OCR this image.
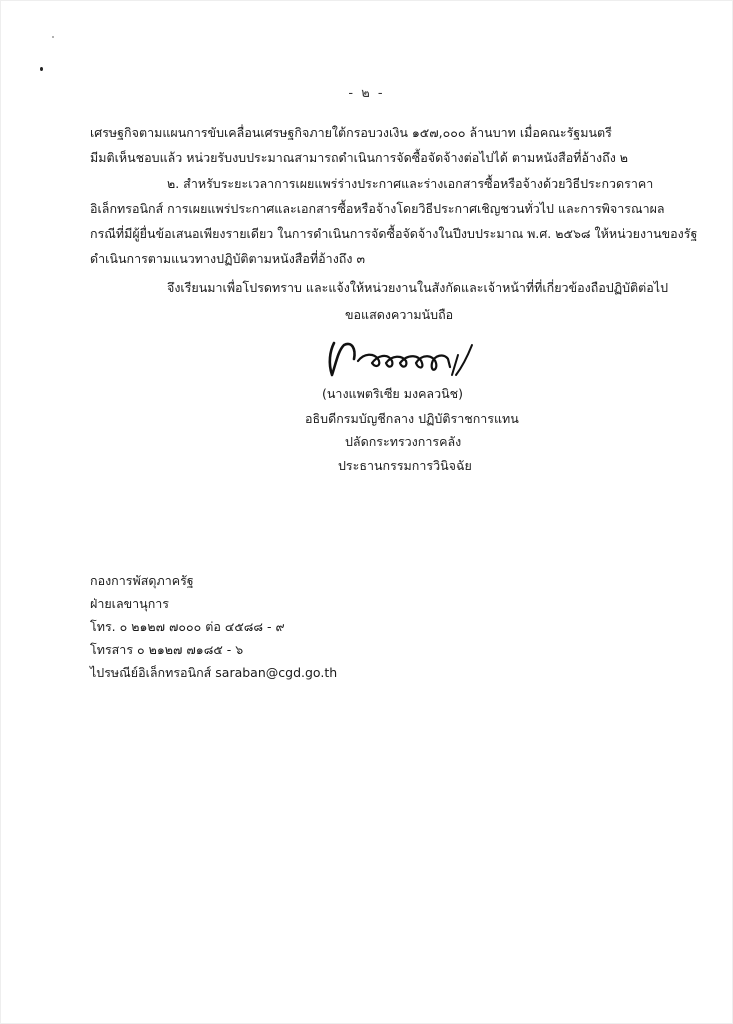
- ๒ -
เศรษฐกิจตามแผนการขับเคลื่อนเศรษฐกิจภายใต้กรอบวงเงิน ๑๕๗,๐๐๐ ล้านบาท เมื่อคณะรัฐมนตรี
มีมติเห็นชอบแล้ว หน่วยรับงบประมาณสามารถดำเนินการจัดซื้อจัดจ้างต่อไปได้ ตามหนังสือที่อ้างถึง ๒
๒. สำหรับระยะเวลาการเผยแพร่ร่างประกาศและร่างเอกสารซื้อหรือจ้างด้วยวิธีประกวดราคา
อิเล็กทรอนิกส์ การเผยแพร่ประกาศและเอกสารซื้อหรือจ้างโดยวิธีประกาศเชิญชวนทั่วไป และการพิจารณาผล
กรณีที่มีผู้ยื่นข้อเสนอเพียงรายเดียว ในการดำเนินการจัดซื้อจัดจ้างในปีงบประมาณ พ.ศ. ๒๕๖๘ ให้หน่วยงานของรัฐ
ดำเนินการตามแนวทางปฏิบัติตามหนังสือที่อ้างถึง ๓
จึงเรียนมาเพื่อโปรดทราบ และแจ้งให้หน่วยงานในสังกัดและเจ้าหน้าที่ที่เกี่ยวข้องถือปฏิบัติต่อไป
ขอแสดงความนับถือ
(นางแพตริเซีย มงคลวนิช)
อธิบดีกรมบัญชีกลาง ปฏิบัติราชการแทน
ปลัดกระทรวงการคลัง
ประธานกรรมการวินิจฉัย
กองการพัสดุภาครัฐ
ฝ่ายเลขานุการ
โทร. ๐ ๒๑๒๗ ๗๐๐๐ ต่อ ๔๕๘๘ - ๙
โทรสาร ๐ ๒๑๒๗ ๗๑๘๕ - ๖
ไปรษณีย์อิเล็กทรอนิกส์ saraban@cgd.go.th
